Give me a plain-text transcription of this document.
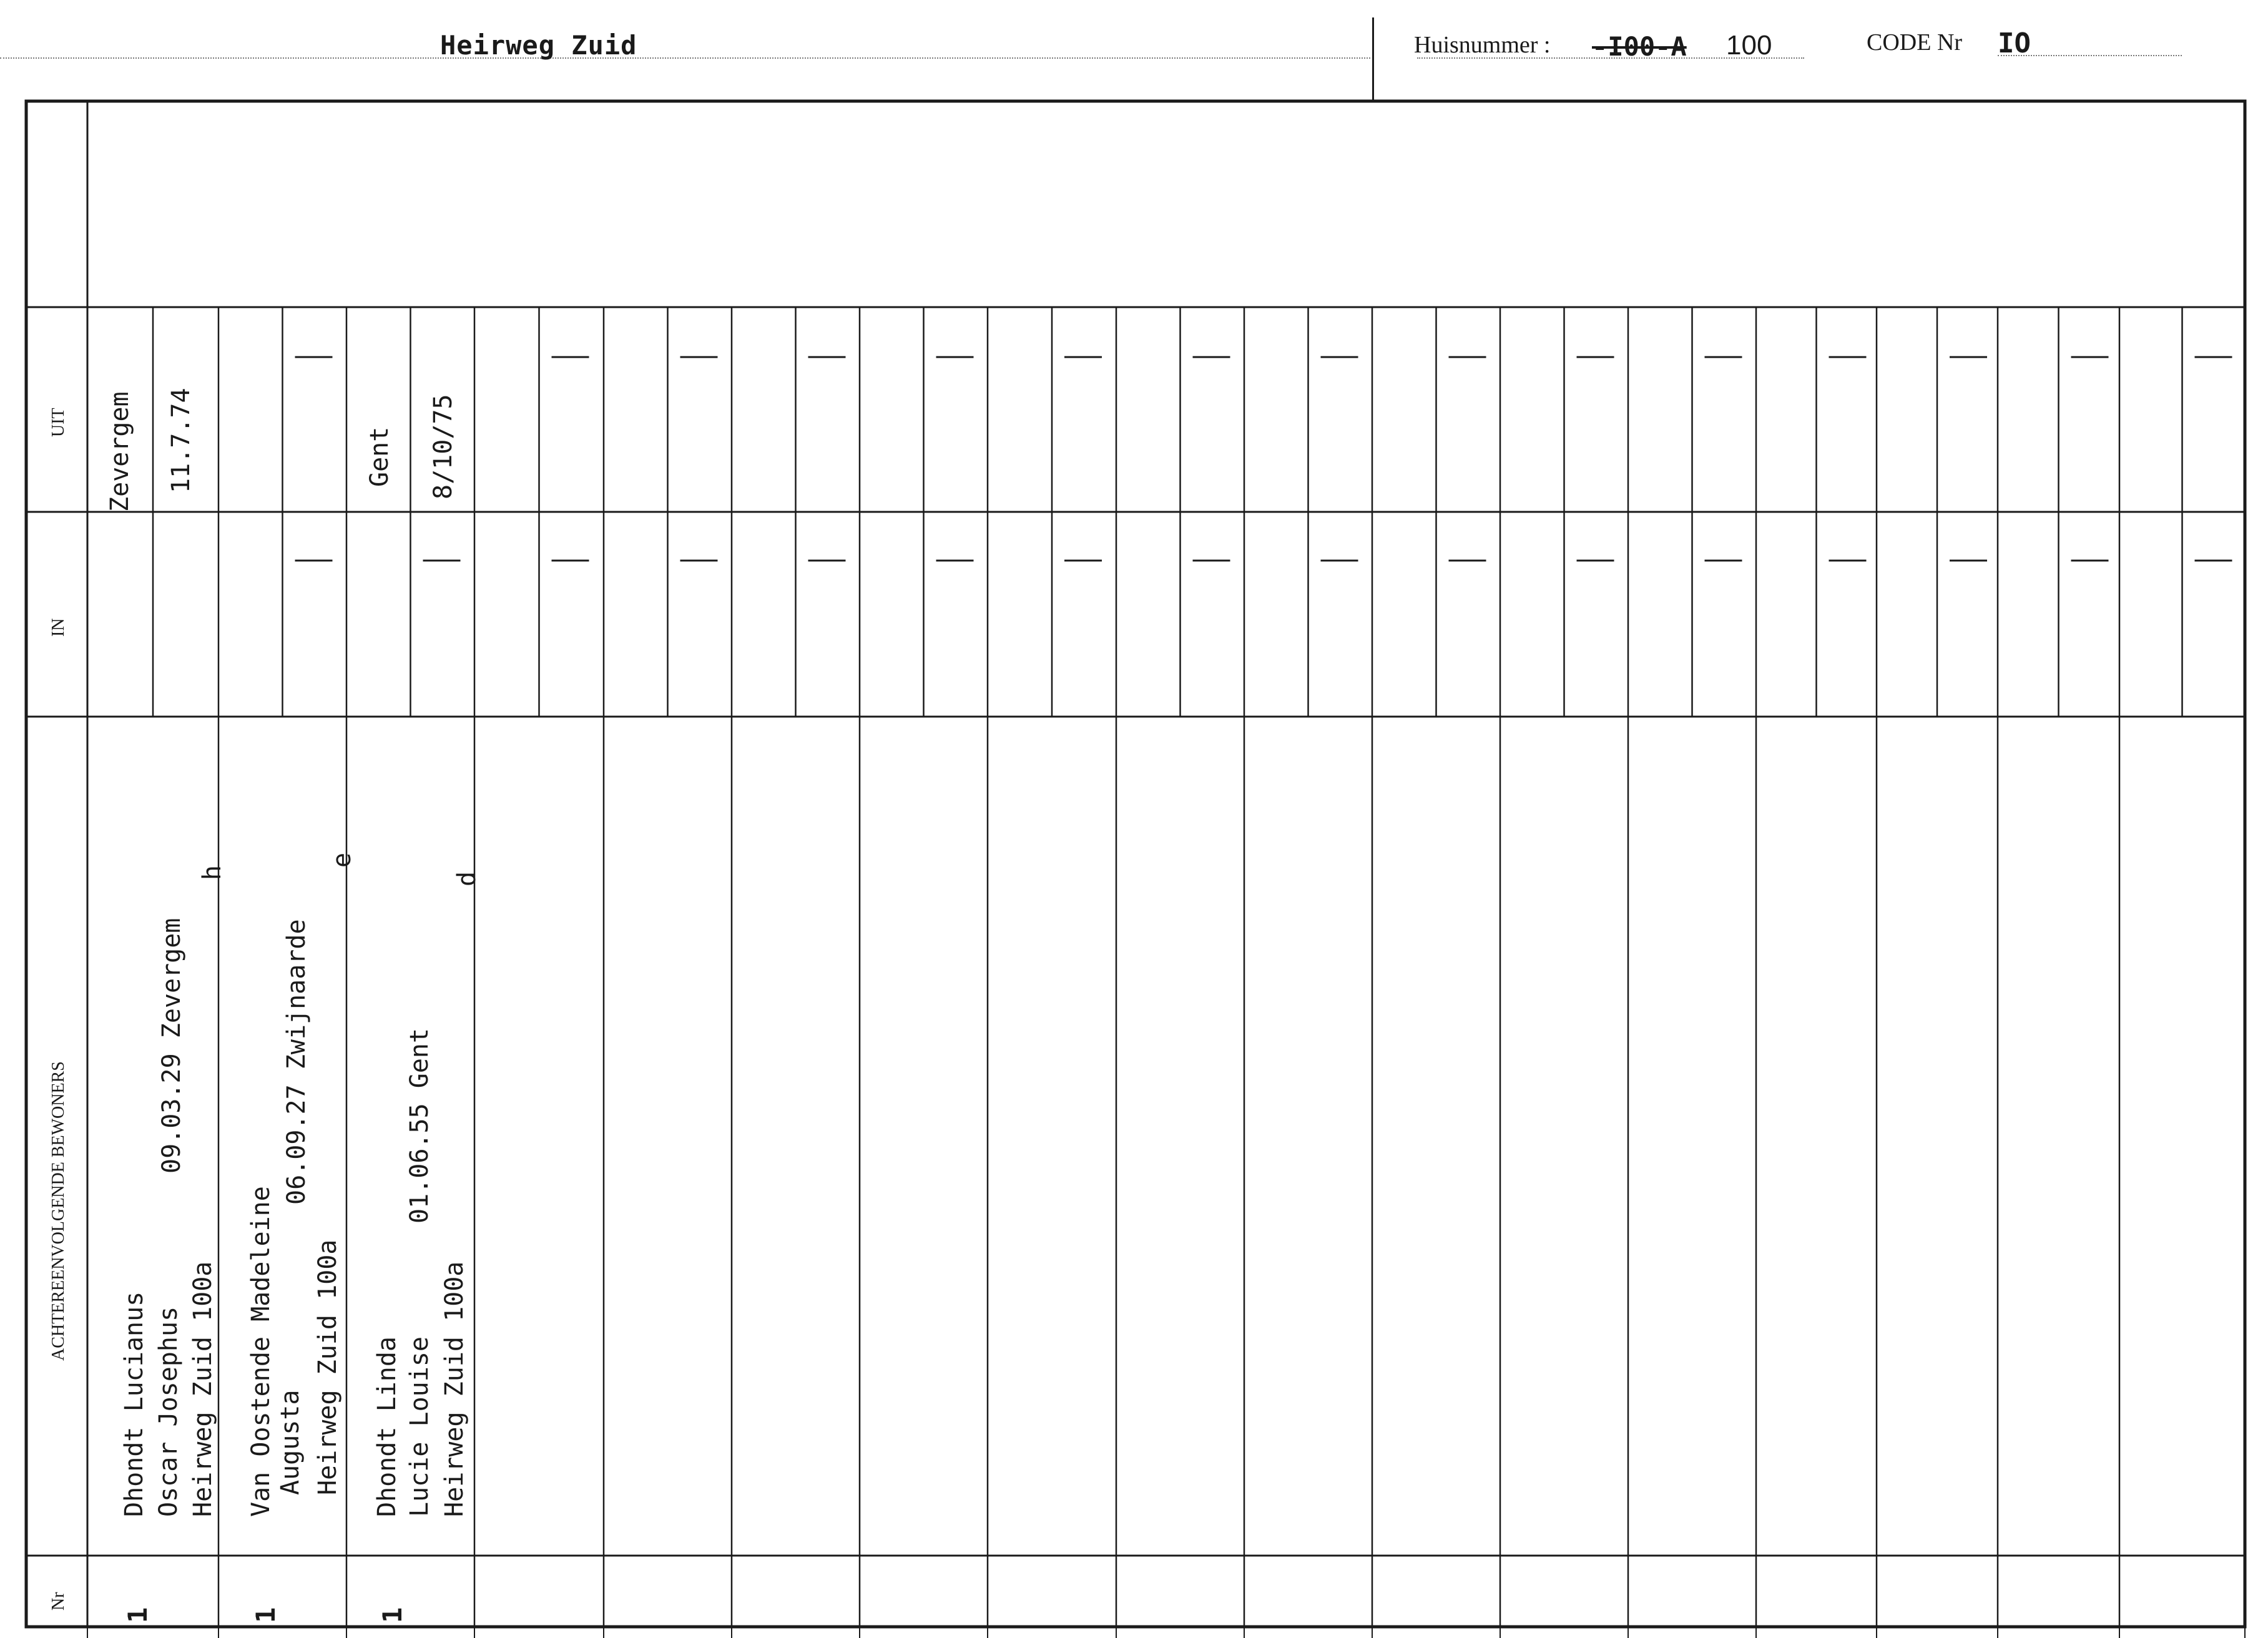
Heirweg Zuid	Huisnummer : -I00-A 100	CODE Nr IO
UIT
IN
ACHTEREENVOLGENDE BEWONERS
Nr
Zevergem 11.7.74
Dhondt Lucianus Oscar Josephus Heirweg Zuid 100a
09.03.29 Zevergem
h
1
Van Oostende Madeleine Augusta Heirweg Zuid 100a
06.09.27 Zwijnaarde
e
1
Gent 8/10/75
Dhondt Linda Lucie Louise Heirweg Zuid 100a
01.06.55 Gent
d
1
